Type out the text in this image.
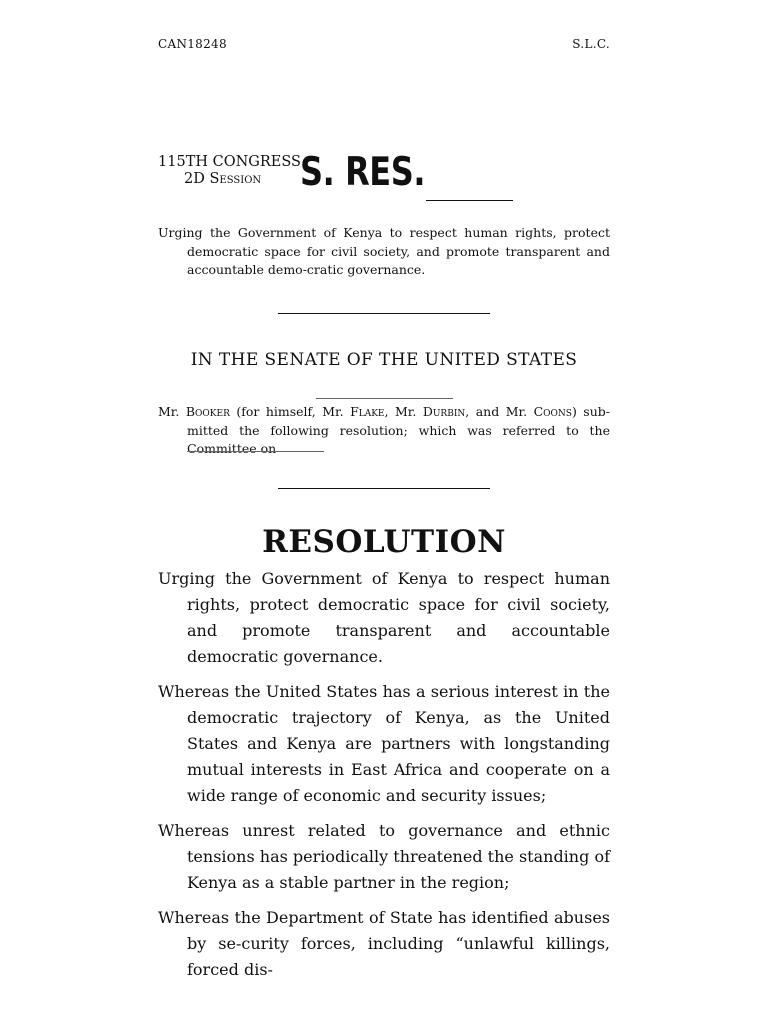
CAN18248	S.L.C.
115TH CONGRESS
2D Session S. RES.

Urging the Government of Kenya to respect human rights, protect democratic space for civil society, and promote transparent and accountable demo-cratic governance.

IN THE SENATE OF THE UNITED STATES

Mr. Booker (for himself, Mr. Flake, Mr. Durbin, and Mr. Coons) sub-mitted the following resolution; which was referred to the Committee on

RESOLUTION

Urging the Government of Kenya to respect human rights, protect democratic space for civil society, and promote transparent and accountable democratic governance.

Whereas the United States has a serious interest in the democratic trajectory of Kenya, as the United States and Kenya are partners with longstanding mutual interests in East Africa and cooperate on a wide range of economic and security issues;

Whereas unrest related to governance and ethnic tensions has periodically threatened the standing of Kenya as a stable partner in the region;

Whereas the Department of State has identified abuses by se-curity forces, including “unlawful killings, forced dis-
